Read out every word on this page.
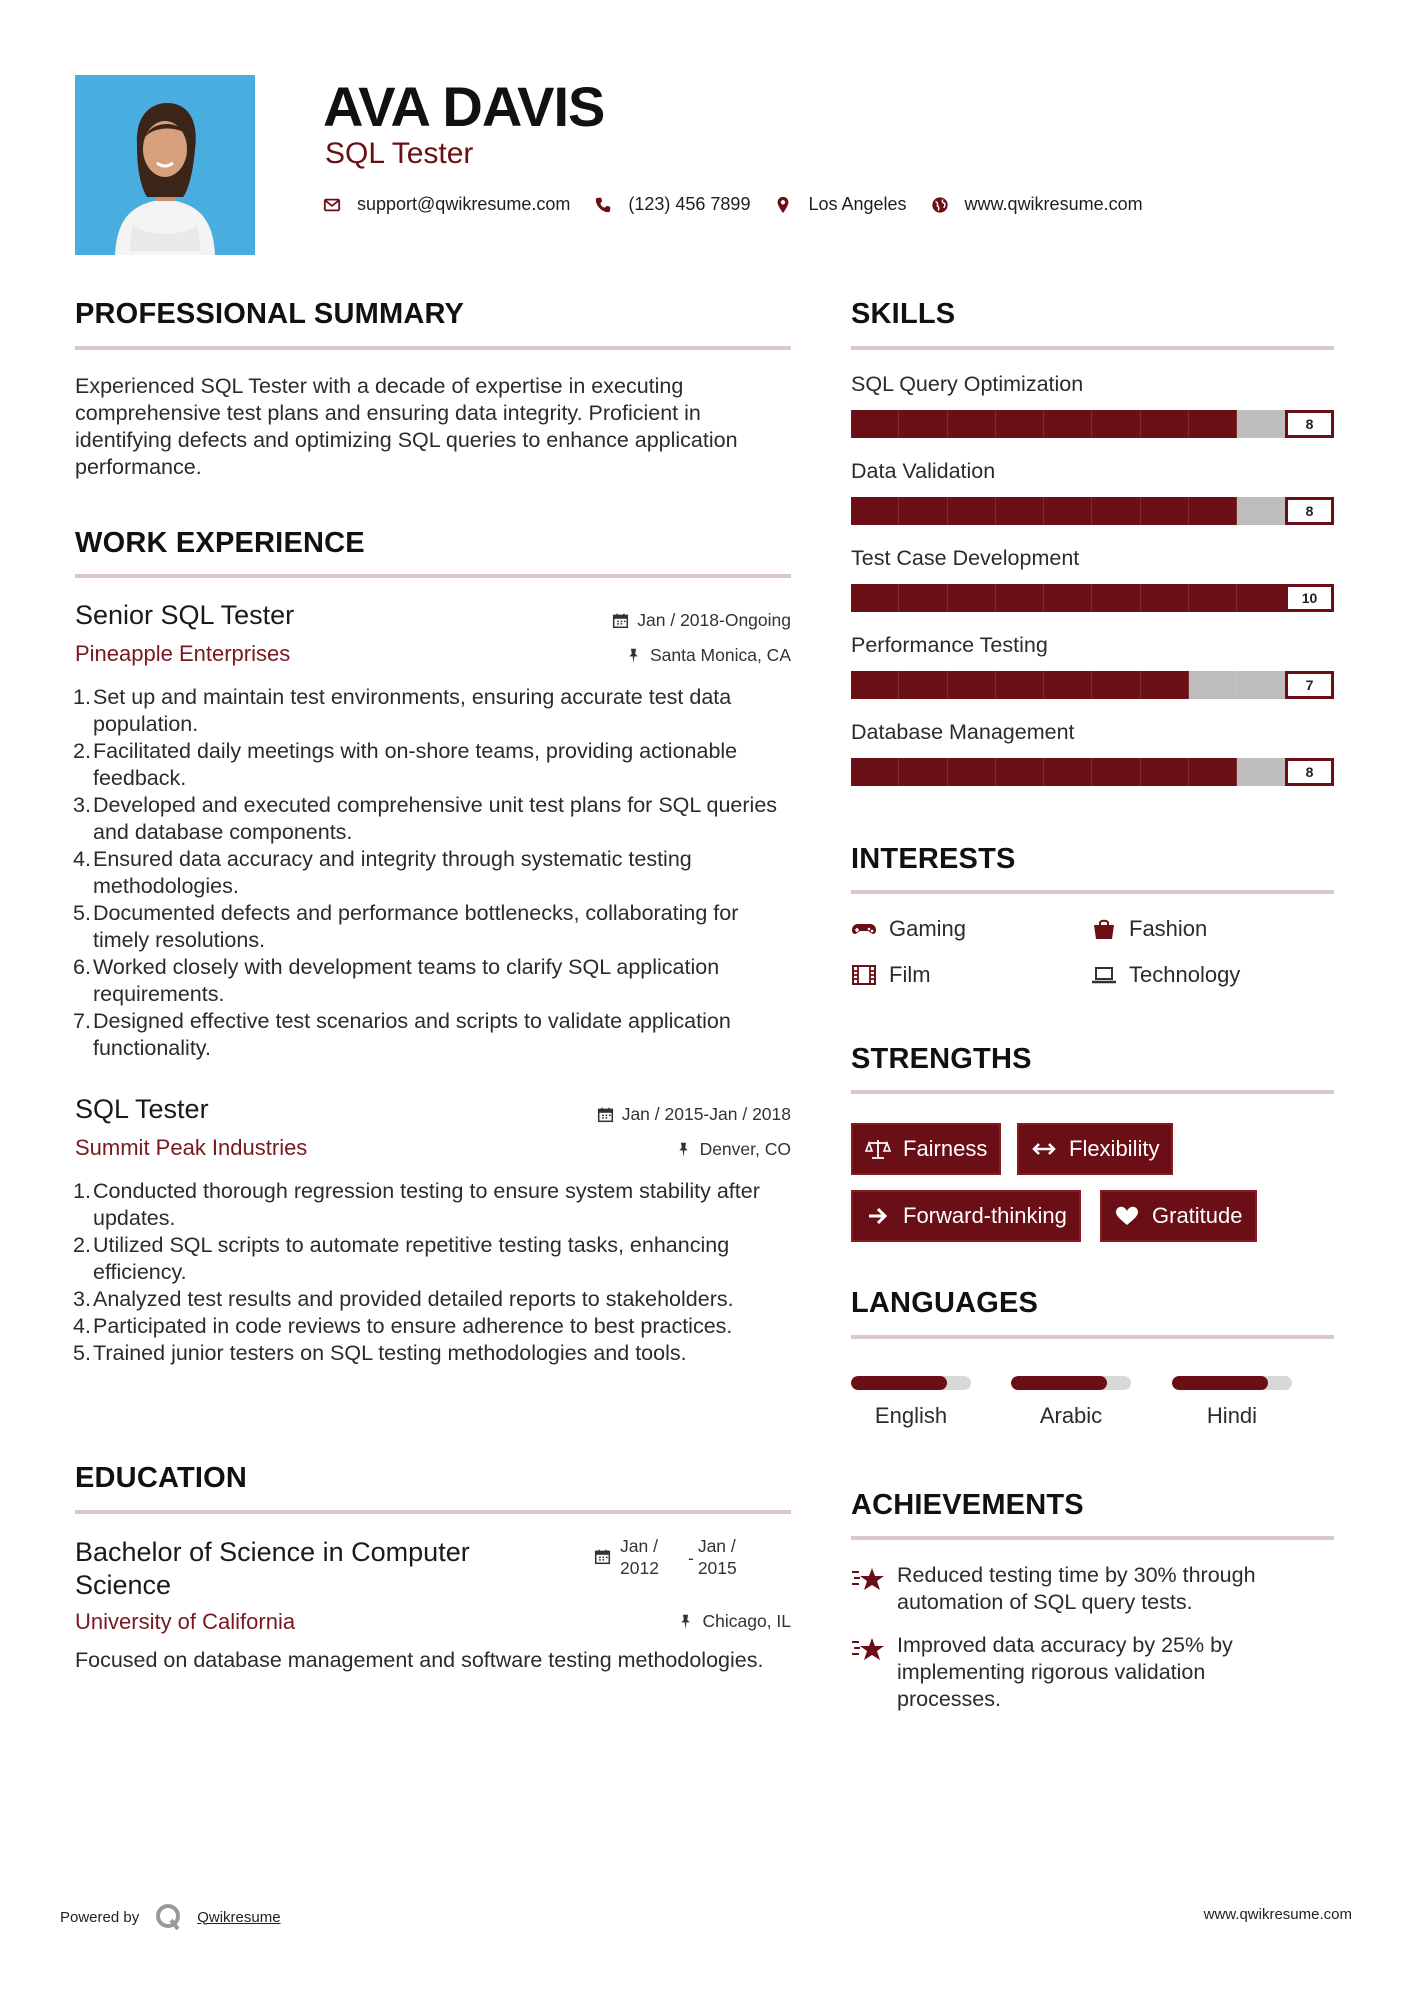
AVA DAVIS
SQL Tester
support@qwikresume.com	(123) 456 7899	Los Angeles	www.qwikresume.com
PROFESSIONAL SUMMARY
Experienced SQL Tester with a decade of expertise in executing comprehensive test plans and ensuring data integrity. Proficient in identifying defects and optimizing SQL queries to enhance application performance.
WORK EXPERIENCE
Senior SQL Tester
Pineapple Enterprises
Jan / 2018-Ongoing
Santa Monica, CA
1. Set up and maintain test environments, ensuring accurate test data population.
2. Facilitated daily meetings with on-shore teams, providing actionable feedback.
3. Developed and executed comprehensive unit test plans for SQL queries and database components.
4. Ensured data accuracy and integrity through systematic testing methodologies.
5. Documented defects and performance bottlenecks, collaborating for timely resolutions.
6. Worked closely with development teams to clarify SQL application requirements.
7. Designed effective test scenarios and scripts to validate application functionality.
SQL Tester
Summit Peak Industries
Jan / 2015-Jan / 2018
Denver, CO
1. Conducted thorough regression testing to ensure system stability after updates.
2. Utilized SQL scripts to automate repetitive testing tasks, enhancing efficiency.
3. Analyzed test results and provided detailed reports to stakeholders.
4. Participated in code reviews to ensure adherence to best practices.
5. Trained junior testers on SQL testing methodologies and tools.
EDUCATION
Bachelor of Science in Computer Science
Jan / 2012	-
Jan / 2015
University of California	Chicago, IL
Focused on database management and software testing methodologies.
SKILLS
SQL Query Optimization
8
Data Validation
8
Test Case Development
10
Performance Testing
7
Database Management
8
INTERESTS
Gaming	Fashion
Film	Technology
STRENGTHS
Fairness	Flexibility
Forward-thinking	Gratitude
LANGUAGES
English	Arabic	Hindi
ACHIEVEMENTS
Reduced testing time by 30% through automation of SQL query tests.
Improved data accuracy by 25% by implementing rigorous validation processes.
Powered by	Qwikresume	www.qwikresume.com
